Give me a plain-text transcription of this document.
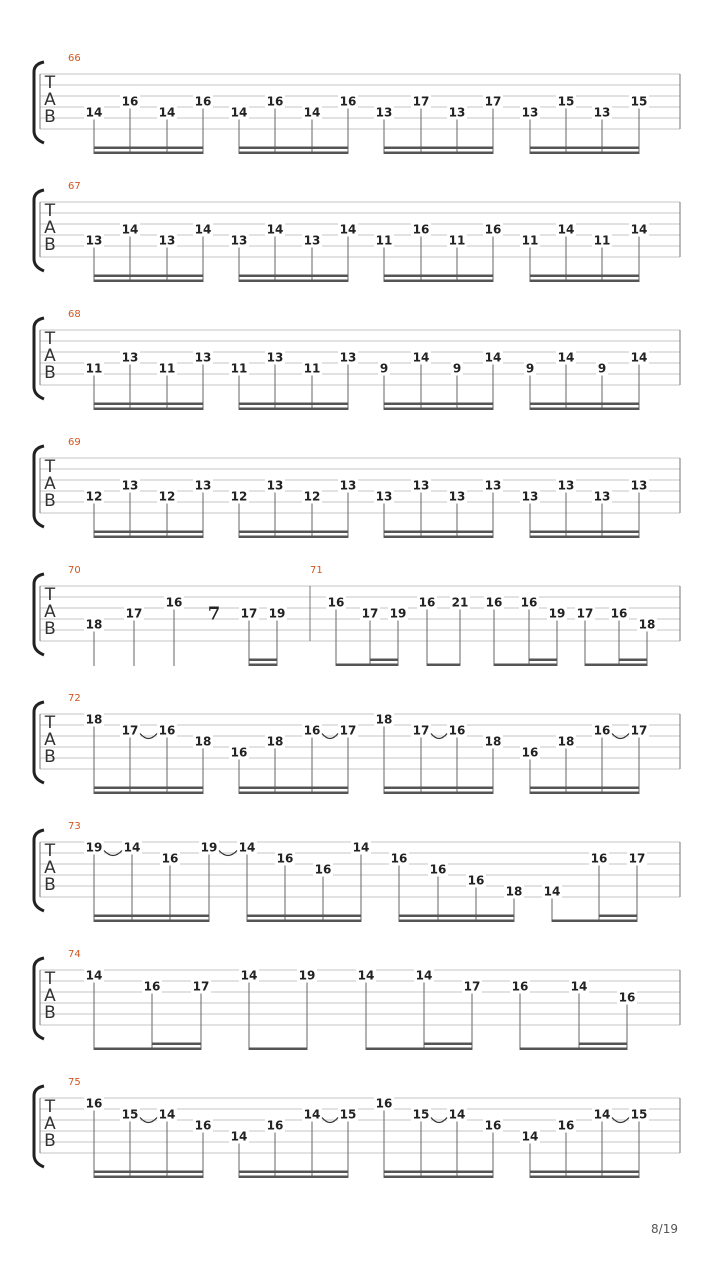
T
A
B
66
14
16
14
16
14
16
14
16
13
17
13
17
13
15
13
15
T
A
B
67
13
14
13
14
13
14
13
14
11
16
11
16
11
14
11
14
T
A
B
68
11
13
11
13
11
13
11
13
9
14
9
14
9
14
9
14
T
A
B
69
12
13
12
13
12
13
12
13
13
13
13
13
13
13
13
13
T
A
B
70	71
7
18
17
16
17 19
16
17 19
16 21 16 16
19 17 16
18
T
A
B
72
18
17 16
18
16
18
16 17
18
17 16
18
16
18
16 17
T
A
B
73
19 14
16
19 14
16
16
14
16
16
16
18 14
16 17
T
A
B
74
14
16	17
14	19	14	14
17	16	14
16
T
A
B
75
16
15 14
16
14
16
14 15
16
15 14
16
14
16
14 15
8/19
